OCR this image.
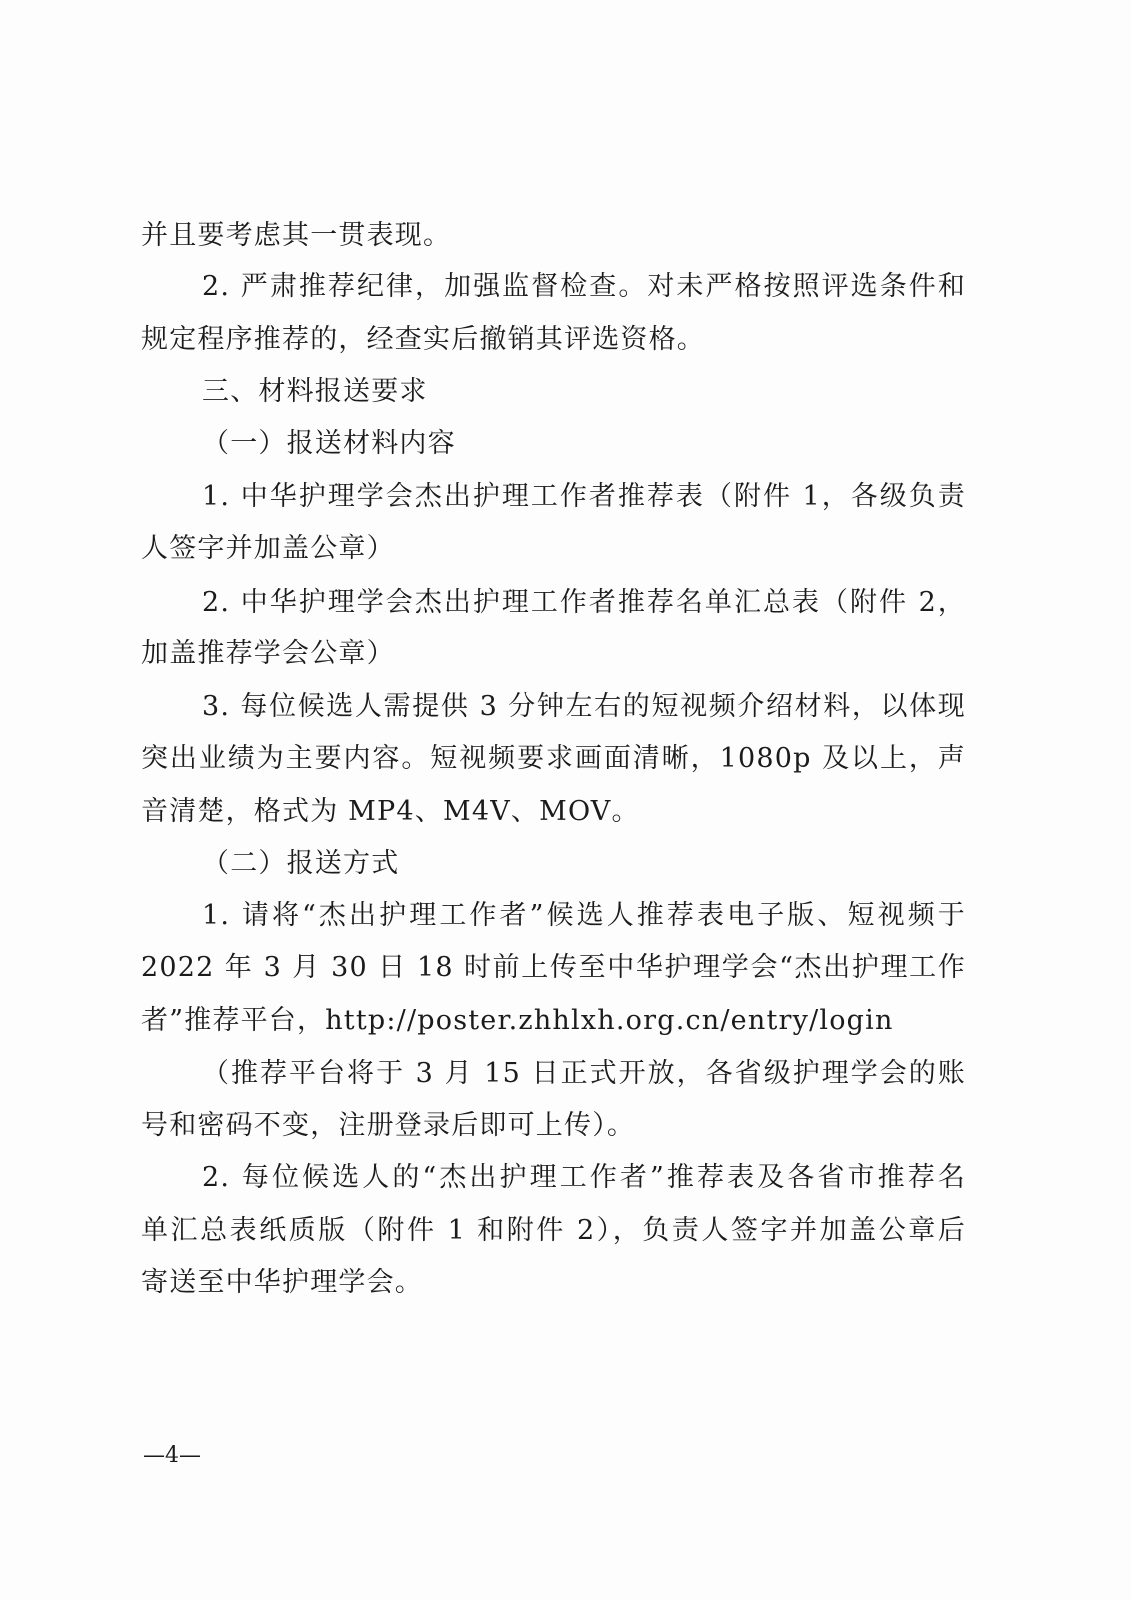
并且要考虑其一贯表现。
2. 严肃推荐纪律，加强监督检查。对未严格按照评选条件和
规定程序推荐的，经查实后撤销其评选资格。
三、材料报送要求
（一）报送材料内容
1. 中华护理学会杰出护理工作者推荐表（附件 1，各级负责
人签字并加盖公章）
2. 中华护理学会杰出护理工作者推荐名单汇总表（附件 2，
加盖推荐学会公章）
3. 每位候选人需提供 3 分钟左右的短视频介绍材料，以体现
突出业绩为主要内容。短视频要求画面清晰，1080p 及以上，声
音清楚，格式为 MP4、M4V、MOV。
（二）报送方式
1. 请将“杰出护理工作者”候选人推荐表电子版、短视频于
2022 年 3 月 30 日 18 时前上传至中华护理学会“杰出护理工作
者”推荐平台，http://poster.zhhlxh.org.cn/entry/login
（推荐平台将于 3 月 15 日正式开放，各省级护理学会的账
号和密码不变，注册登录后即可上传）。
2. 每位候选人的“杰出护理工作者”推荐表及各省市推荐名
单汇总表纸质版（附件 1 和附件 2），负责人签字并加盖公章后
寄送至中华护理学会。
—4—
